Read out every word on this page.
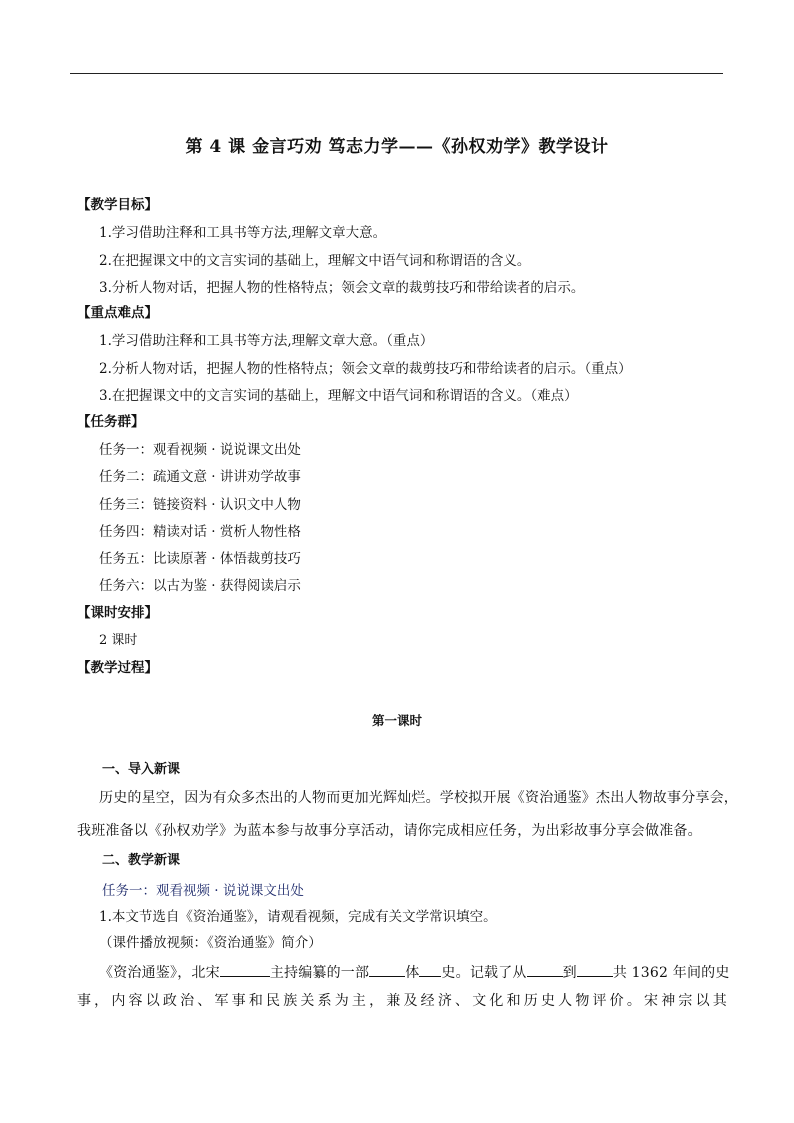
第 4 课 金言巧劝 笃志力学——《孙权劝学》教学设计
【教学目标】
1.学习借助注释和工具书等方法,理解文章大意。
2.在把握课文中的文言实词的基础上，理解文中语气词和称谓语的含义。
3.分析人物对话，把握人物的性格特点；领会文章的裁剪技巧和带给读者的启示。
【重点难点】
1.学习借助注释和工具书等方法,理解文章大意。（重点）
2.分析人物对话，把握人物的性格特点；领会文章的裁剪技巧和带给读者的启示。（重点）
3.在把握课文中的文言实词的基础上，理解文中语气词和称谓语的含义。（难点）
【任务群】
任务一：观看视频 · 说说课文出处
任务二：疏通文意 · 讲讲劝学故事
任务三：链接资料 · 认识文中人物
任务四：精读对话 · 赏析人物性格
任务五：比读原著 · 体悟裁剪技巧
任务六：以古为鉴 · 获得阅读启示
【课时安排】
2 课时
【教学过程】
第一课时
一、导入新课
历史的星空，因为有众多杰出的人物而更加光辉灿烂。学校拟开展《资治通鉴》杰出人物故事分享会，
我班准备以《孙权劝学》为蓝本参与故事分享活动，请你完成相应任务，为出彩故事分享会做准备。
二、教学新课
任务一：观看视频 · 说说课文出处
1.本文节选自《资治通鉴》，请观看视频，完成有关文学常识填空。
（课件播放视频：《资治通鉴》简介）
《资治通鉴》，北宋	主持编纂的一部	体 史。记载了从	到	共 1362 年间的史
事，内容以政治、军事和民族关系为主，兼及经济、文化和历史人物评价。宋神宗以其
